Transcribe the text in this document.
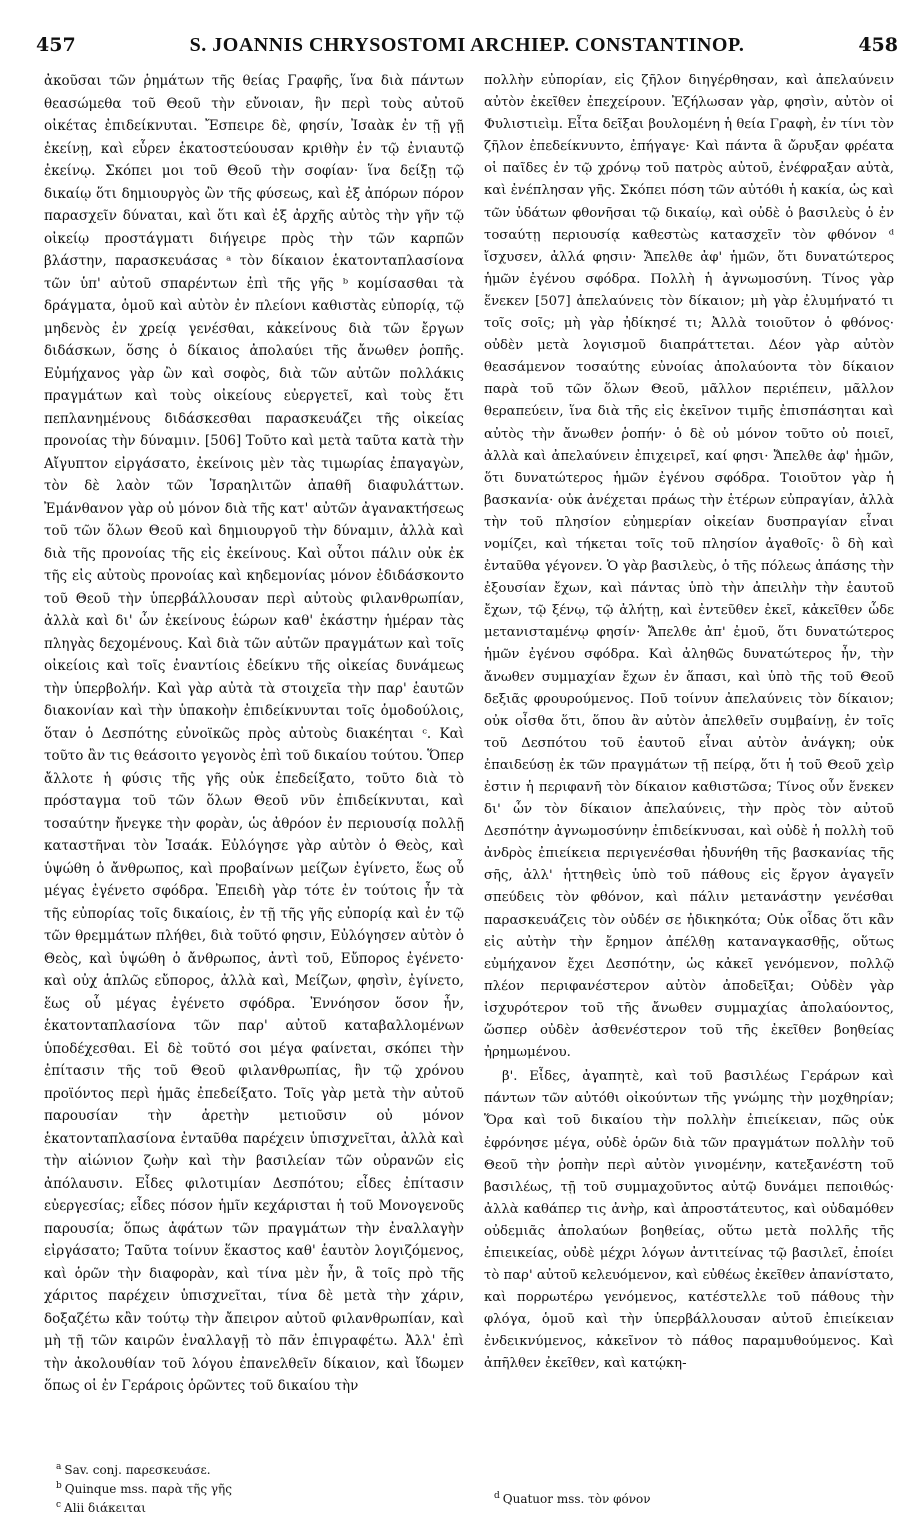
457	S. JOANNIS CHRYSOSTOMI ARCHIEP. CONSTANTINOP.	458

ἀκοῦσαι τῶν ῥημάτων τῆς θείας Γραφῆς, ἵνα διὰ πάντων θεασώμεθα τοῦ Θεοῦ τὴν εὔνοιαν, ἣν περὶ τοὺς αὐτοῦ οἰκέτας ἐπιδείκνυται. Ἔσπειρε δὲ, φησίν, Ἰσαὰκ ἐν τῇ γῇ ἐκείνῃ, καὶ εὗρεν ἑκατοστεύουσαν κριθὴν ἐν τῷ ἐνιαυτῷ ἐκείνῳ. Σκόπει μοι τοῦ Θεοῦ τὴν σοφίαν· ἵνα δείξῃ τῷ δικαίῳ ὅτι δημιουργὸς ὢν τῆς φύσεως, καὶ ἐξ ἀπόρων πόρον παρασχεῖν δύναται, καὶ ὅτι καὶ ἐξ ἀρχῆς αὐτὸς τὴν γῆν τῷ οἰκείῳ προστάγματι διήγειρε πρὸς τὴν τῶν καρπῶν βλάστην, παρασκευάσας ᵃ τὸν δίκαιον ἑκατονταπλασίονα τῶν ὑπ' αὐτοῦ σπαρέντων ἐπὶ τῆς γῆς ᵇ κομίσασθαι τὰ δράγματα, ὁμοῦ καὶ αὐτὸν ἐν πλείονι καθιστὰς εὐπορίᾳ, τῷ μηδενὸς ἐν χρείᾳ γενέσθαι, κἀκείνους διὰ τῶν ἔργων διδάσκων, ὅσης ὁ δίκαιος ἀπολαύει τῆς ἄνωθεν ῥοπῆς. Εὐμήχανος γὰρ ὢν καὶ σοφὸς, διὰ τῶν αὐτῶν πολλάκις πραγμάτων καὶ τοὺς οἰκείους εὐεργετεῖ, καὶ τοὺς ἔτι πεπλανημένους διδάσκεσθαι παρασκευάζει τῆς οἰκείας προνοίας τὴν δύναμιν. [506] Τοῦτο καὶ μετὰ ταῦτα κατὰ τὴν Αἴγυπτον εἰργάσατο, ἐκείνοις μὲν τὰς τιμωρίας ἐπαγαγὼν, τὸν δὲ λαὸν τῶν Ἰσραηλιτῶν ἀπαθῆ διαφυλάττων. Ἐμάνθανον γὰρ οὐ μόνον διὰ τῆς κατ' αὐτῶν ἀγανακτήσεως τοῦ τῶν ὅλων Θεοῦ καὶ δημιουργοῦ τὴν δύναμιν, ἀλλὰ καὶ διὰ τῆς προνοίας τῆς εἰς ἐκείνους. Καὶ οὗτοι πάλιν οὐκ ἐκ τῆς εἰς αὐτοὺς προνοίας καὶ κηδεμονίας μόνον ἐδιδάσκοντο τοῦ Θεοῦ τὴν ὑπερβάλλουσαν περὶ αὐτοὺς φιλανθρωπίαν, ἀλλὰ καὶ δι' ὧν ἐκείνους ἑώρων καθ' ἑκάστην ἡμέραν τὰς πληγὰς δεχομένους. Καὶ διὰ τῶν αὐτῶν πραγμάτων καὶ τοῖς οἰκείοις καὶ τοῖς ἐναντίοις ἐδείκνυ τῆς οἰκείας δυνάμεως τὴν ὑπερβολήν. Καὶ γὰρ αὐτὰ τὰ στοιχεῖα τὴν παρ' ἑαυτῶν διακονίαν καὶ τὴν ὑπακοὴν ἐπιδείκνυνται τοῖς ὁμοδούλοις, ὅταν ὁ Δεσπότης εὐνοϊκῶς πρὸς αὐτοὺς διακέηται ᶜ. Καὶ τοῦτο ἂν τις θεάσοιτο γεγονὸς ἐπὶ τοῦ δικαίου τούτου. Ὅπερ ἄλλοτε ἡ φύσις τῆς γῆς οὐκ ἐπεδείξατο, τοῦτο διὰ τὸ πρόσταγμα τοῦ τῶν ὅλων Θεοῦ νῦν ἐπιδείκνυται, καὶ τοσαύτην ἤνεγκε τὴν φορὰν, ὡς ἀθρόον ἐν περιουσίᾳ πολλῇ καταστῆναι τὸν Ἰσαάκ. Εὐλόγησε γὰρ αὐτὸν ὁ Θεὸς, καὶ ὑψώθη ὁ ἄνθρωπος, καὶ προβαίνων μείζων ἐγίνετο, ἕως οὗ μέγας ἐγένετο σφόδρα. Ἐπειδὴ γὰρ τότε ἐν τούτοις ἦν τὰ τῆς εὐπορίας τοῖς δικαίοις, ἐν τῇ τῆς γῆς εὐπορίᾳ καὶ ἐν τῷ τῶν θρεμμάτων πλήθει, διὰ τοῦτό φησιν, Εὐλόγησεν αὐτὸν ὁ Θεὸς, καὶ ὑψώθη ὁ ἄνθρωπος, ἀντὶ τοῦ, Εὔπορος ἐγένετο· καὶ οὐχ ἁπλῶς εὔπορος, ἀλλὰ καὶ, Μείζων, φησὶν, ἐγίνετο, ἕως οὗ μέγας ἐγένετο σφόδρα. Ἐννόησον ὅσον ἦν, ἑκατονταπλασίονα τῶν παρ' αὐτοῦ καταβαλλομένων ὑποδέχεσθαι. Εἰ δὲ τοῦτό σοι μέγα φαίνεται, σκόπει τὴν ἐπίτασιν τῆς τοῦ Θεοῦ φιλανθρωπίας, ἣν τῷ χρόνου προϊόντος περὶ ἡμᾶς ἐπεδείξατο. Τοῖς γὰρ μετὰ τὴν αὐτοῦ παρουσίαν τὴν ἀρετὴν μετιοῦσιν οὐ μόνον ἑκατονταπλασίονα ἐνταῦθα παρέχειν ὑπισχνεῖται, ἀλλὰ καὶ τὴν αἰώνιον ζωὴν καὶ τὴν βασιλείαν τῶν οὐρανῶν εἰς ἀπόλαυσιν. Εἶδες φιλοτιμίαν Δεσπότου; εἶδες ἐπίτασιν εὐεργεσίας; εἶδες πόσον ἡμῖν κεχάρισται ἡ τοῦ Μονογενοῦς παρουσία; ὅπως ἀφάτων τῶν πραγμάτων τὴν ἐναλλαγὴν εἰργάσατο; Ταῦτα τοίνυν ἕκαστος καθ' ἑαυτὸν λογιζόμενος, καὶ ὁρῶν τὴν διαφορὰν, καὶ τίνα μὲν ἦν, ἃ τοῖς πρὸ τῆς χάριτος παρέχειν ὑπισχνεῖται, τίνα δὲ μετὰ τὴν χάριν, δοξαζέτω κἂν τούτῳ τὴν ἄπειρον αὐτοῦ φιλανθρωπίαν, καὶ μὴ τῇ τῶν καιρῶν ἐναλλαγῇ τὸ πᾶν ἐπιγραφέτω. Ἀλλ' ἐπὶ τὴν ἀκολουθίαν τοῦ λόγου ἐπανελθεῖν δίκαιον, καὶ ἴδωμεν ὅπως οἱ ἐν Γεράροις ὁρῶντες τοῦ δικαίου τὴν

πολλὴν εὐπορίαν, εἰς ζῆλον διηγέρθησαν, καὶ ἀπελαύνειν αὐτὸν ἐκεῖθεν ἐπεχείρουν. Ἐζήλωσαν γὰρ, φησὶν, αὐτὸν οἱ Φυλιστιεὶμ. Εἶτα δεῖξαι βουλομένη ἡ θεία Γραφὴ, ἐν τίνι τὸν ζῆλον ἐπεδείκνυντο, ἐπήγαγε· Καὶ πάντα ἃ ὤρυξαν φρέατα οἱ παῖδες ἐν τῷ χρόνῳ τοῦ πατρὸς αὐτοῦ, ἐνέφραξαν αὐτὰ, καὶ ἐνέπλησαν γῆς. Σκόπει πόση τῶν αὐτόθι ἡ κακία, ὡς καὶ τῶν ὑδάτων φθονῆσαι τῷ δικαίῳ, καὶ οὐδὲ ὁ βασιλεὺς ὁ ἐν τοσαύτῃ περιουσίᾳ καθεστὼς κατασχεῖν τὸν φθόνον ᵈ ἴσχυσεν, ἀλλά φησιν· Ἄπελθε ἀφ' ἡμῶν, ὅτι δυνατώτερος ἡμῶν ἐγένου σφόδρα. Πολλὴ ἡ ἀγνωμοσύνη. Τίνος γὰρ ἕνεκεν [507] ἀπελαύνεις τὸν δίκαιον; μὴ γὰρ ἐλυμήνατό τι τοῖς σοῖς; μὴ γὰρ ἠδίκησέ τι; Ἀλλὰ τοιοῦτον ὁ φθόνος· οὐδὲν μετὰ λογισμοῦ διαπράττεται. Δέον γὰρ αὐτὸν θεασάμενον τοσαύτης εὐνοίας ἀπολαύοντα τὸν δίκαιον παρὰ τοῦ τῶν ὅλων Θεοῦ, μᾶλλον περιέπειν, μᾶλλον θεραπεύειν, ἵνα διὰ τῆς εἰς ἐκεῖνον τιμῆς ἐπισπάσηται καὶ αὐτὸς τὴν ἄνωθεν ῥοπήν· ὁ δὲ οὐ μόνον τοῦτο οὐ ποιεῖ, ἀλλὰ καὶ ἀπελαύνειν ἐπιχειρεῖ, καί φησι· Ἄπελθε ἀφ' ἡμῶν, ὅτι δυνατώτερος ἡμῶν ἐγένου σφόδρα. Τοιοῦτον γὰρ ἡ βασκανία· οὐκ ἀνέχεται πράως τὴν ἑτέρων εὐπραγίαν, ἀλλὰ τὴν τοῦ πλησίον εὐημερίαν οἰκείαν δυσπραγίαν εἶναι νομίζει, καὶ τήκεται τοῖς τοῦ πλησίον ἀγαθοῖς· ὃ δὴ καὶ ἐνταῦθα γέγονεν. Ὁ γὰρ βασιλεὺς, ὁ τῆς πόλεως ἁπάσης τὴν ἐξουσίαν ἔχων, καὶ πάντας ὑπὸ τὴν ἀπειλὴν τὴν ἑαυτοῦ ἔχων, τῷ ξένῳ, τῷ ἀλήτῃ, καὶ ἐντεῦθεν ἐκεῖ, κἀκεῖθεν ὧδε μετανισταμένῳ φησίν· Ἄπελθε ἀπ' ἐμοῦ, ὅτι δυνατώτερος ἡμῶν ἐγένου σφόδρα. Καὶ ἀληθῶς δυνατώτερος ἦν, τὴν ἄνωθεν συμμαχίαν ἔχων ἐν ἅπασι, καὶ ὑπὸ τῆς τοῦ Θεοῦ δεξιᾶς φρουρούμενος. Ποῦ τοίνυν ἀπελαύνεις τὸν δίκαιον; οὐκ οἶσθα ὅτι, ὅπου ἂν αὐτὸν ἀπελθεῖν συμβαίνῃ, ἐν τοῖς τοῦ Δεσπότου τοῦ ἑαυτοῦ εἶναι αὐτὸν ἀνάγκη; οὐκ ἐπαιδεύσῃ ἐκ τῶν πραγμάτων τῇ πείρᾳ, ὅτι ἡ τοῦ Θεοῦ χεὶρ ἐστιν ἡ περιφανῆ τὸν δίκαιον καθιστῶσα; Τίνος οὖν ἕνεκεν δι' ὧν τὸν δίκαιον ἀπελαύνεις, τὴν πρὸς τὸν αὐτοῦ Δεσπότην ἀγνωμοσύνην ἐπιδείκνυσαι, καὶ οὐδὲ ἡ πολλὴ τοῦ ἀνδρὸς ἐπιείκεια περιγενέσθαι ἠδυνήθη τῆς βασκανίας τῆς σῆς, ἀλλ' ἡττηθεὶς ὑπὸ τοῦ πάθους εἰς ἔργον ἀγαγεῖν σπεύδεις τὸν φθόνον, καὶ πάλιν μετανάστην γενέσθαι παρασκευάζεις τὸν οὐδέν σε ἠδικηκότα; Οὐκ οἶδας ὅτι κἂν εἰς αὐτὴν τὴν ἔρημον ἀπέλθῃ καταναγκασθῇς, οὕτως εὐμήχανον ἔχει Δεσπότην, ὡς κἀκεῖ γενόμενον, πολλῷ πλέον περιφανέστερον αὐτὸν ἀποδεῖξαι; Οὐδὲν γὰρ ἰσχυρότερον τοῦ τῆς ἄνωθεν συμμαχίας ἀπολαύοντος, ὥσπερ οὐδὲν ἀσθενέστερον τοῦ τῆς ἐκεῖθεν βοηθείας ἠρημωμένου.

β'. Εἶδες, ἀγαπητὲ, καὶ τοῦ βασιλέως Γεράρων καὶ πάντων τῶν αὐτόθι οἰκούντων τῆς γνώμης τὴν μοχθηρίαν; Ὅρα καὶ τοῦ δικαίου τὴν πολλὴν ἐπιείκειαν, πῶς οὐκ ἐφρόνησε μέγα, οὐδὲ ὁρῶν διὰ τῶν πραγμάτων πολλὴν τοῦ Θεοῦ τὴν ῥοπὴν περὶ αὐτὸν γινομένην, κατεξανέστη τοῦ βασιλέως, τῇ τοῦ συμμαχοῦντος αὐτῷ δυνάμει πεποιθώς· ἀλλὰ καθάπερ τις ἀνὴρ, καὶ ἀπροστάτευτος, καὶ οὐδαμόθεν οὐδεμιᾶς ἀπολαύων βοηθείας, οὕτω μετὰ πολλῆς τῆς ἐπιεικείας, οὐδὲ μέχρι λόγων ἀντιτείνας τῷ βασιλεῖ, ἐποίει τὸ παρ' αὐτοῦ κελευόμενον, καὶ εὐθέως ἐκεῖθεν ἀπανίστατο, καὶ πορρωτέρω γενόμενος, κατέστελλε τοῦ πάθους τὴν φλόγα, ὁμοῦ καὶ τὴν ὑπερβάλλουσαν αὐτοῦ ἐπιείκειαν ἐνδεικνύμενος, κἀκεῖνον τὸ πάθος παραμυθούμενος. Καὶ ἀπῆλθεν ἐκεῖθεν, καὶ κατῴκη-

$^a$ Sav. conj. παρεσκευάσε.
$^b$ Quinque mss. παρὰ τῆς γῆς
$^c$ Alii διάκειται
$^d$ Quatuor mss. τὸν φόνον
